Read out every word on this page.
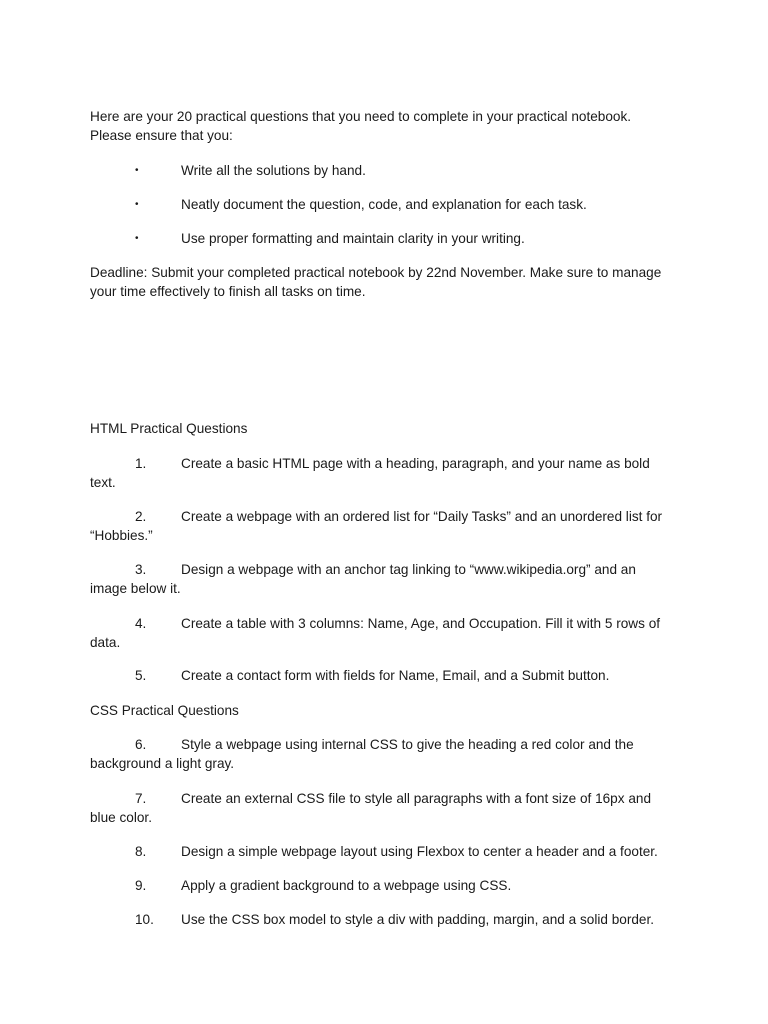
Here are your 20 practical questions that you need to complete in your practical notebook.
Please ensure that you:
•	Write all the solutions by hand.
•	Neatly document the question, code, and explanation for each task.
•	Use proper formatting and maintain clarity in your writing.
Deadline: Submit your completed practical notebook by 22nd November. Make sure to manage
your time effectively to finish all tasks on time.
HTML Practical Questions
1.	Create a basic HTML page with a heading, paragraph, and your name as bold
text.
2.	Create a webpage with an ordered list for “Daily Tasks” and an unordered list for
“Hobbies.”
3.	Design a webpage with an anchor tag linking to “www.wikipedia.org” and an
image below it.
4.	Create a table with 3 columns: Name, Age, and Occupation. Fill it with 5 rows of
data.
5.	Create a contact form with fields for Name, Email, and a Submit button.
CSS Practical Questions
6.	Style a webpage using internal CSS to give the heading a red color and the
background a light gray.
7.	Create an external CSS file to style all paragraphs with a font size of 16px and
blue color.
8.	Design a simple webpage layout using Flexbox to center a header and a footer.
9.	Apply a gradient background to a webpage using CSS.
10. Use the CSS box model to style a div with padding, margin, and a solid border.
